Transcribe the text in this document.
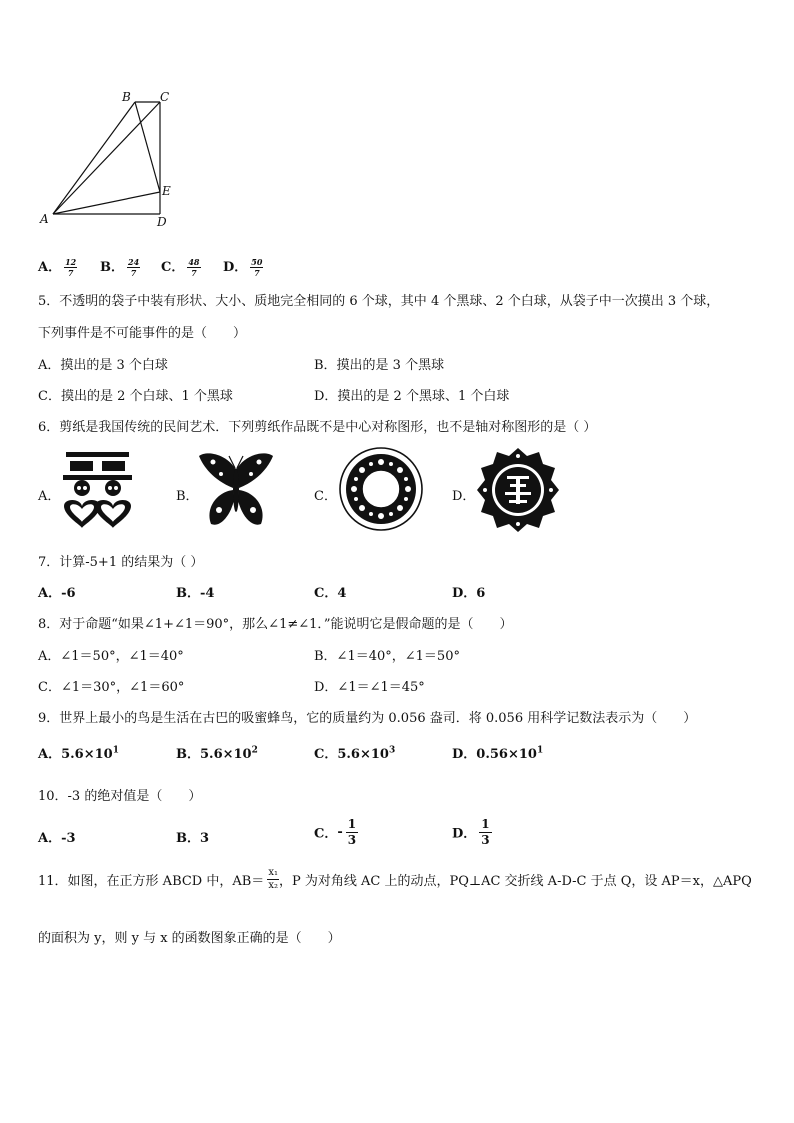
B C
A	D
E
A． $\frac{12}{7}$ B． $\frac{24}{7}$ C． $\frac{48}{7}$ D． $\frac{50}{7}$
5．不透明的袋子中装有形状、大小、质地完全相同的 6 个球，其中 4 个黑球、2 个白球，从袋子中一次摸出 3 个球，
下列事件是不可能事件的是（　　）
A．摸出的是 3 个白球	B．摸出的是 3 个黑球
C．摸出的是 2 个白球、1 个黑球	D．摸出的是 2 个黑球、1 个白球
6．剪纸是我国传统的民间艺术．下列剪纸作品既不是中心对称图形，也不是轴对称图形的是（ ）
A．	B．	C．	D．
7．计算-5+1 的结果为（ ）
A．-6	B．-4	C．4	D．6
8．对于命题“如果∠1+∠1＝90°，那么∠1≠∠1．”能说明它是假命题的是（　　）
A．∠1＝50°，∠1＝40°	B．∠1＝40°，∠1＝50°
C．∠1＝30°，∠1＝60°	D．∠1＝∠1＝45°
9．世界上最小的鸟是生活在古巴的吸蜜蜂鸟，它的质量约为 0.056 盎司．将 0.056 用科学记数法表示为（　　）
A．$5.6\times 10^1$	B．$5.6\times 10^2$	C．$5.6\times 10^3$	D．$0.56\times 10^1$
10．-3 的绝对值是（　　）
A．-3	B．3	C．- $\frac{1}{3}$	D． $\frac{1}{3}$
11．如图，在正方形 ABCD 中，$AB= \frac{\text{x₁}}{\text{x₂}}$ ，P 为对角线 AC 上的动点，PQ⊥AC 交折线 A-D-C 于点 Q，设 AP＝x，△APQ
的面积为 y，则 y 与 x 的函数图象正确的是（　　）
